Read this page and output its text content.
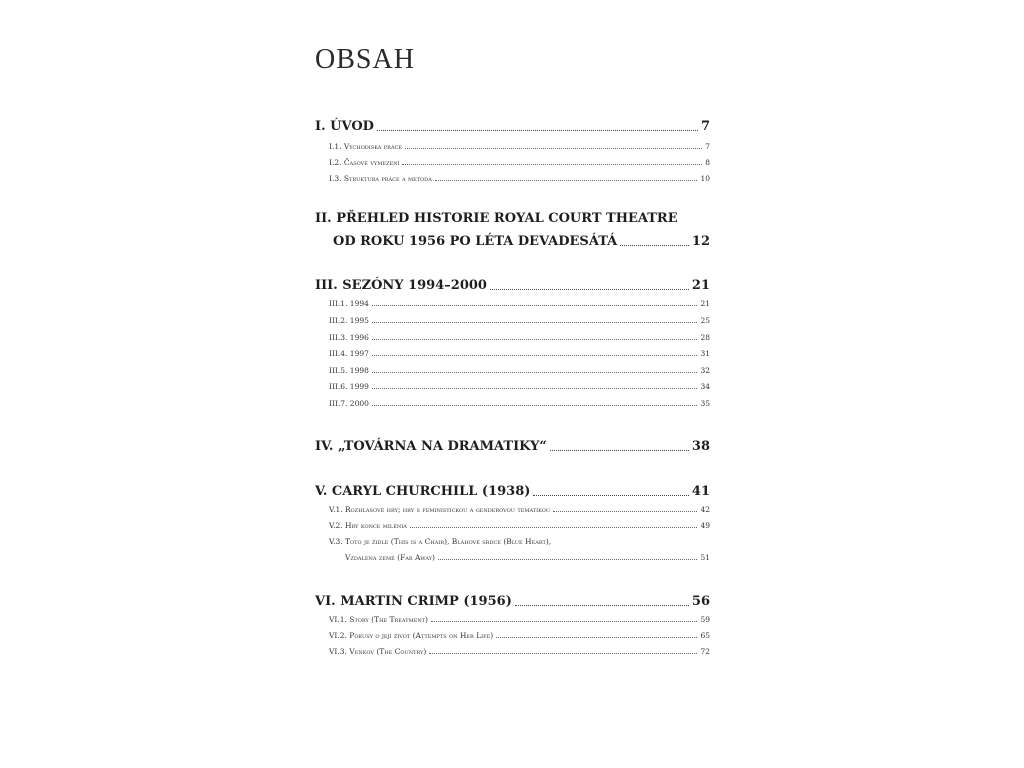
OBSAH
I. ÚVOD	7
I.1. Východiska práce	7
I.2. Časové vymezení	8
I.3. Struktura práce a metoda	10
II. PŘEHLED HISTORIE ROYAL COURT THEATRE
OD ROKU 1956 PO LÉTA DEVADESÁTÁ	12
III. SEZÓNY 1994–2000	21
III.1. 1994	21
III.2. 1995	25
III.3. 1996	28
III.4. 1997	31
III.5. 1998	32
III.6. 1999	34
III.7. 2000	35
IV. „TOVÁRNA NA DRAMATIKY“	38
V. CARYL CHURCHILL (1938)	41
V.1. Rozhlasové hry; hry s feministickou a genderovou tematikou	42
V.2. Hry konce milénia	49
V.3. Toto je židle (This is a Chair), Bláhové srdce (Blue Heart),
Vzdálená země (Far Away)	51
VI. MARTIN CRIMP (1956)	56
VI.1. Story (The Treatment)	59
VI.2. Pokusy o její život (Attempts on Her Life)	65
VI.3. Venkov (The Country)	72
